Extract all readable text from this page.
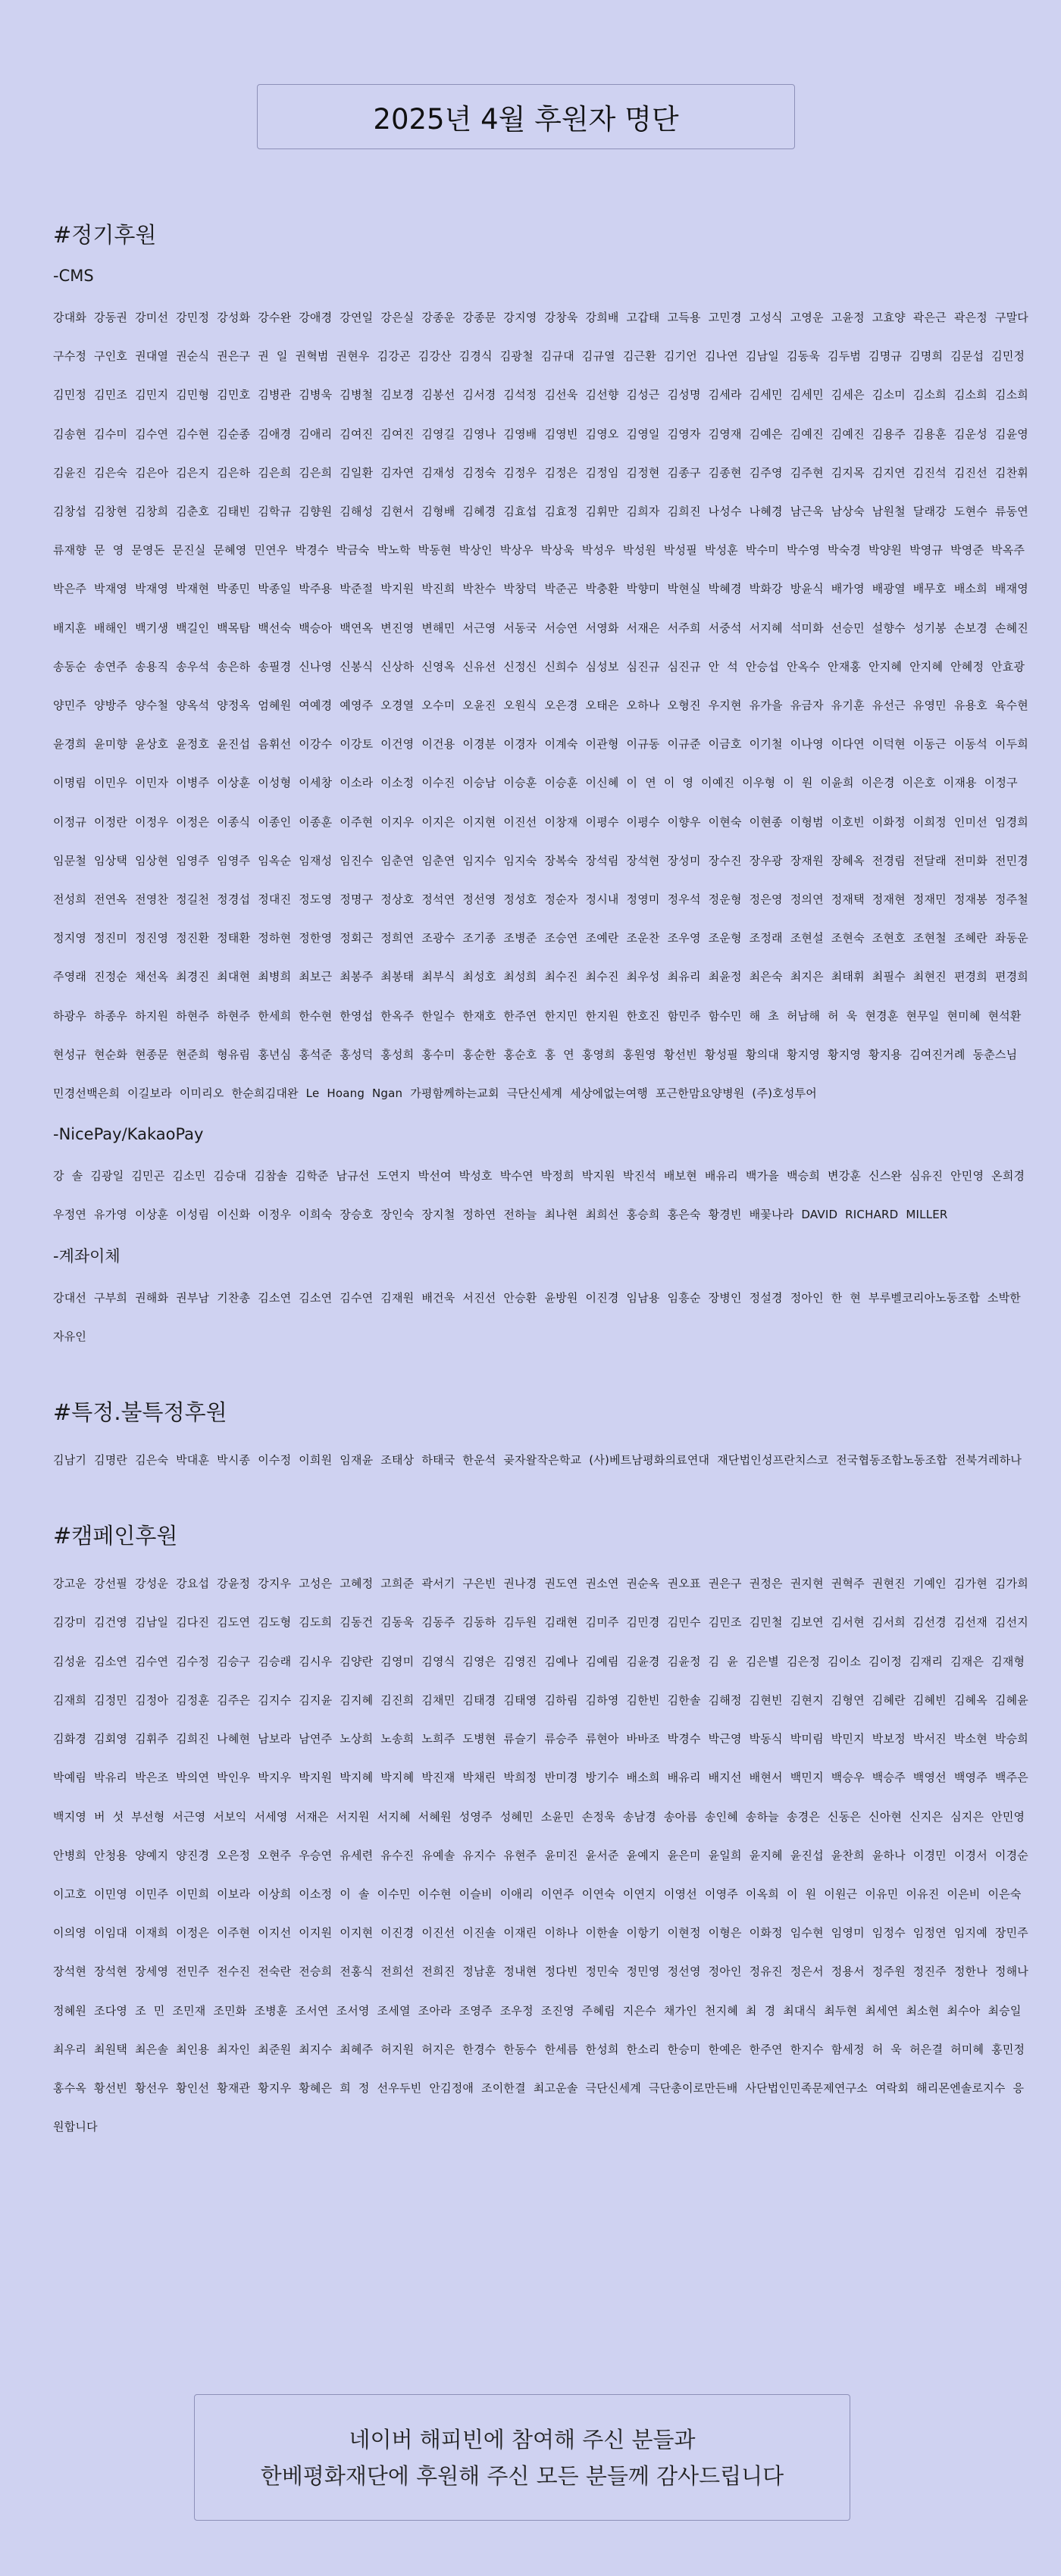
2025년 4월 후원자 명단
#정기후원
-CMS

강대화 강동권 강미선 강민정 강성화 강수완 강애경 강연일 강은실 강종운 강종문 강지영 강창욱 강희배 고갑태 고득용 고민경 고성식 고영운 고윤정 고효양 곽은근 곽은정 구말다 구수정 구인호 권대열 권순식 권은구 권 일 권혁범 권현우 김강곤 김강산 김경식 김광철 김규대 김규열 김근환 김기언 김나연 김남일 김동욱 김두범 김명규 김명희 김문섭 김민정 김민정 김민조 김민지 김민형 김민호 김병관 김병욱 김병철 김보경 김봉선 김서경 김석정 김선욱 김선향 김성근 김성명 김세라 김세민 김세민 김세은 김소미 김소희 김소희 김소희 김송현 김수미 김수연 김수현 김순종 김애경 김애리 김여진 김여진 김영길 김영나 김영배 김영빈 김영오 김영일 김영자 김영재 김예은 김예진 김예진 김용주 김용훈 김운성 김윤영 김윤진 김은숙 김은아 김은지 김은하 김은희 김은희 김일환 김자연 김재성 김정숙 김정우 김정은 김정임 김정현 김종구 김종현 김주영 김주현 김지목 김지연 김진석 김진선 김찬휘 김창섭 김창현 김창희 김춘호 김태빈 김학규 김향원 김해성 김현서 김형배 김혜경 김효섭 김효정 김휘만 김희자 김희진 나성수 나혜경 남근욱 남상숙 남원철 달래강 도현수 류동연 류재향 문 영 문영돈 문진실 문혜영 민연우 박경수 박금숙 박노학 박동현 박상인 박상우 박상욱 박성우 박성원 박성필 박성훈 박수미 박수영 박숙경 박양원 박영규 박영준 박옥주 박은주 박재영 박재영 박재현 박종민 박종일 박주용 박준절 박지원 박진희 박찬수 박창덕 박준곤 박충환 박향미 박현실 박혜경 박화강 방윤식 배가영 배광열 배무호 배소희 배재영 배지훈 배해인 백기생 백길인 백목탐 백선숙 백승아 백연옥 변진영 변해민 서근영 서동국 서승연 서영화 서재은 서주희 서중석 서지혜 석미화 선승민 설향수 성기봉 손보경 손혜진 송동순 송연주 송용직 송우석 송은하 송필경 신나영 신봉식 신상하 신영옥 신유선 신정신 신희수 심성보 심진규 심진규 안 석 안승섭 안옥수 안재홍 안지혜 안지혜 안혜정 안효광 양민주 양방주 양수철 양옥석 양정옥 엄혜원 여예경 예영주 오경열 오수미 오윤진 오원식 오은경 오태은 오하나 오형진 우지현 유가을 유금자 유기훈 유선근 유영민 유용호 육수현 윤경희 윤미향 윤상호 윤정호 윤진섭 음휘선 이강수 이강토 이건영 이건용 이경분 이경자 이계숙 이관형 이규동 이규준 이금호 이기철 이나영 이다연 이덕현 이동근 이동석 이두희 이명림 이민우 이민자 이병주 이상훈 이성형 이세창 이소라 이소정 이수진 이승남 이승훈 이승훈 이신혜 이 연 이 영 이예진 이우형 이 원 이윤희 이은경 이은호 이재용 이정구 이정규 이정란 이정우 이정은 이종식 이종인 이종훈 이주현 이지우 이지은 이지현 이진선 이창재 이평수 이평수 이향우 이현숙 이현종 이형범 이호빈 이화정 이희정 인미선 임경희 임문철 임상택 임상현 임영주 임영주 임옥순 임재성 임진수 임춘연 임춘연 임지수 임지숙 장복숙 장석림 장석현 장성미 장수진 장우광 장재원 장혜옥 전경림 전달래 전미화 전민경 전성희 전연옥 전영찬 정길천 정경섭 정대진 정도영 정명구 정상호 정석연 정선영 정성호 정순자 정시내 정영미 정우석 정운형 정은영 정의연 정재택 정재현 정재민 정재봉 정주철 정지영 정진미 정진영 정진환 정태환 정하현 정한영 정회근 정희연 조광수 조기종 조병준 조승연 조예란 조운찬 조우영 조운형 조정래 조현설 조현숙 조현호 조현철 조혜란 좌동운 주영래 진정순 채선옥 최경진 최대현 최병희 최보근 최봉주 최봉태 최부식 최성호 최성희 최수진 최수진 최우성 최유리 최윤정 최은숙 최지은 최태휘 최필수 최현진 편경희 편경희 하광우 하종우 하지원 하현주 하현주 한세희 한수현 한영섭 한옥주 한일수 한재호 한주연 한지민 한지원 한호진 함민주 함수민 해 초 허남해 허 욱 현경훈 현무일 현미혜 현석환 현성규 현순화 현종문 현준희 형유림 홍년심 홍석준 홍성덕 홍성희 홍수미 홍순한 홍순호 홍 연 홍영희 홍원영 황선빈 황성필 황의대 황지영 황지영 황지용 김여진거례 동춘스님 민경선백은희 이길보라 이미리오 한순희김대완 Le Hoang Ngan 가평함께하는교회 극단신세계 세상에없는여행 포근한맘요양병원 (주)호성투어

-NicePay/KakaoPay

강 솔 김광일 김민곤 김소민 김승대 김참솔 김학준 남규선 도연지 박선여 박성호 박수연 박정희 박지원 박진석 배보현 배유리 백가을 백승희 변강훈 신스완 심유진 안민영 온희경 우정연 유가영 이상훈 이성림 이신화 이정우 이희숙 장승호 장인숙 장지철 정하연 전하늘 최나현 최희선 홍승희 홍은숙 황경빈 배꽃나라 DAVID RICHARD MILLER

-계좌이체

강대선 구부희 권해화 권부남 기찬총 김소연 김소연 김수연 김재원 배건욱 서진선 안승환 윤방원 이진경 임남용 임흥순 장병인 정설경 정아인 한 현 부루벨코리아노동조합 소박한자유인

#특정.불특정후원

김남기 김명란 김은숙 박대훈 박시종 이수정 이희원 임재윤 조태상 하태국 한운석 곶자왈작은학교 (사)베트남평화의료연대 재단법인성프란치스코 전국협동조합노동조합 전북겨레하나

#캠페인후원

강고운 강선필 강성운 강요섭 강윤정 강지우 고성은 고혜정 고희준 곽서기 구은빈 권나경 권도연 권소연 권순옥 권오표 권은구 권정은 권지현 권혁주 권현진 기예인 김가현 김가희 김강미 김건영 김남일 김다진 김도연 김도형 김도희 김동건 김동욱 김동주 김동하 김두원 김래현 김미주 김민경 김민수 김민조 김민철 김보연 김서현 김서희 김선경 김선재 김선지 김성윤 김소연 김수연 김수정 김승구 김승래 김시우 김양란 김영미 김영식 김영은 김영진 김예나 김예림 김윤경 김윤정 김 윤 김은별 김은정 김이소 김이정 김재리 김재은 김재형 김재희 김정민 김정아 김정훈 김주은 김지수 김지윤 김지혜 김진희 김채민 김태경 김태영 김하림 김하영 김한빈 김한솔 김해정 김현빈 김현지 김형연 김혜란 김혜빈 김혜옥 김혜윤 김화경 김회영 김휘주 김희진 나혜현 남보라 남연주 노상희 노송희 노희주 도병현 류슬기 류승주 류현아 바바조 박경수 박근영 박동식 박미림 박민지 박보정 박서진 박소현 박승희 박예림 박유리 박은조 박의연 박인우 박지우 박지원 박지혜 박지혜 박진재 박채린 박희정 반미경 방기수 배소희 배유리 배지선 배현서 백민지 백승우 백승주 백영선 백영주 백주은 백지영 버 섯 부선형 서근영 서보익 서세영 서재은 서지원 서지혜 서혜원 성영주 성혜민 소윤민 손정욱 송남경 송아름 송인혜 송하늘 송경은 신동은 신아현 신지은 심지은 안민영 안병희 안청용 양예지 양진경 오은정 오현주 우승연 유세련 유수진 유예솔 유지수 유현주 윤미진 윤서준 윤예지 윤은미 윤일희 윤지혜 윤진섭 윤찬희 윤하나 이경민 이경서 이경순 이고호 이민영 이민주 이민희 이보라 이상희 이소정 이 솔 이수민 이수현 이슬비 이애리 이연주 이연숙 이연지 이영선 이영주 이옥희 이 원 이원근 이유민 이유진 이은비 이은숙 이의영 이임대 이재희 이정은 이주현 이지선 이지원 이지현 이진경 이진선 이진솔 이재린 이하나 이한솔 이항기 이현정 이형은 이화정 임수현 임영미 임정수 임정연 임지예 장민주 장석현 장석현 장세영 전민주 전수진 전숙란 전승희 전홍식 전희선 전희진 정남훈 정내현 정다빈 정민숙 정민영 정선영 정아인 정유진 정은서 정용서 정주원 정진주 정한나 정해나 정혜원 조다영 조 민 조민재 조민화 조병훈 조서연 조서영 조세열 조아라 조영주 조우정 조진영 주혜림 지은수 채가인 천지혜 최 경 최대식 최두현 최세연 최소현 최수아 최승일 최우리 최원택 최은솔 최인용 최자인 최준원 최지수 최혜주 허지원 허지은 한경수 한동수 한세름 한성희 한소리 한승미 한예은 한주연 한지수 함세정 허 욱 허은결 허미혜 홍민정 홍수옥 황선빈 황선우 황인선 황재관 황지우 황혜은 희 정 선우두빈 안김정애 조이한결 최고운솔 극단신세계 극단총이로만든배 사단법인민족문제연구소 여락회 해리몬엔솔로지수 응원합니다

네이버 해피빈에 참여해 주신 분들과
한베평화재단에 후원해 주신 모든 분들께 감사드립니다
